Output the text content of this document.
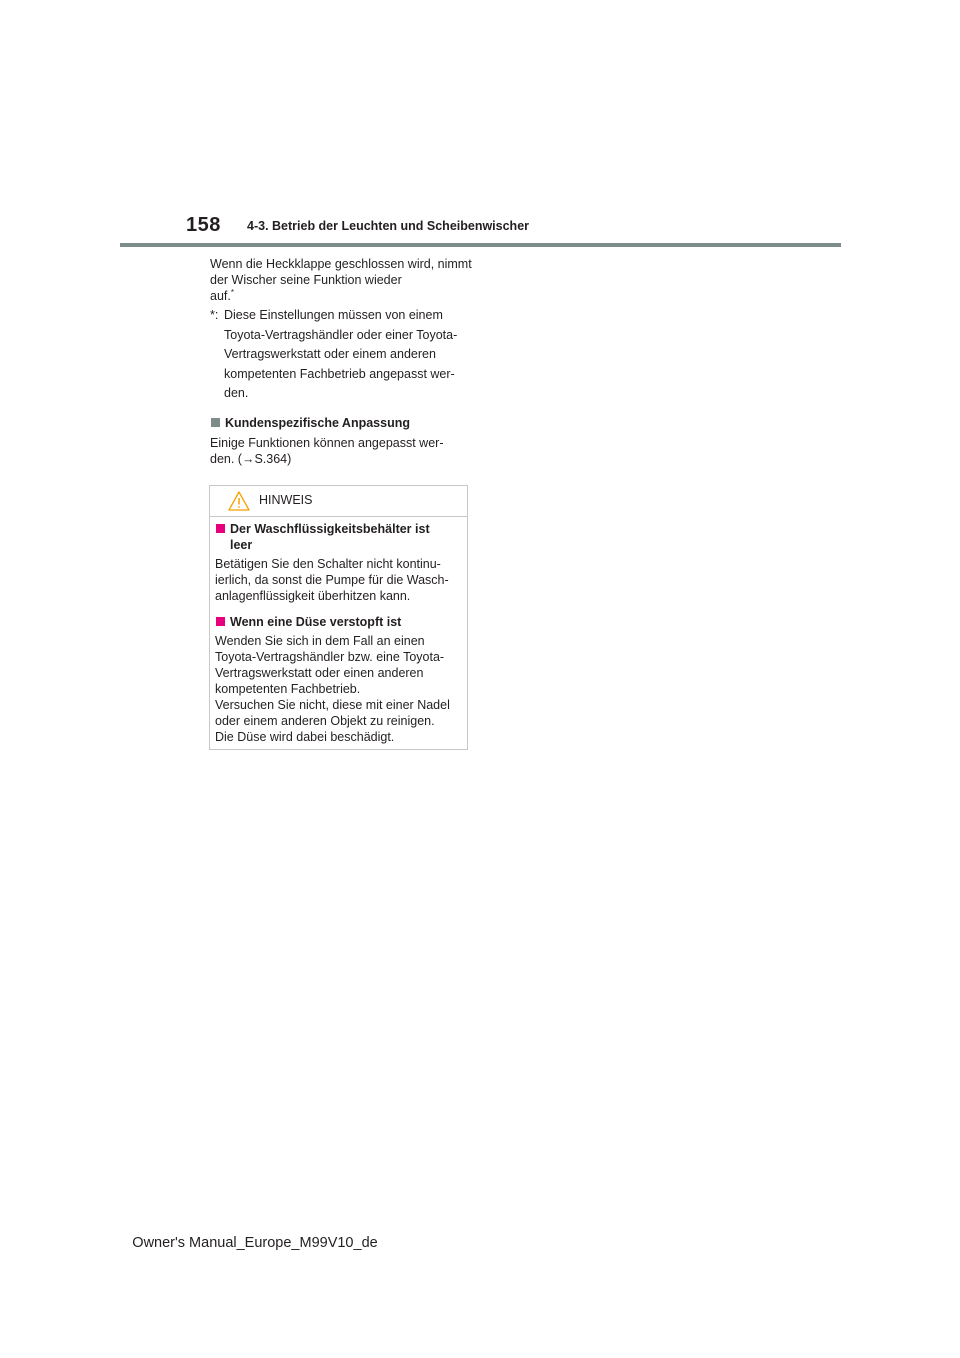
158 4-3. Betrieb der Leuchten und Scheibenwischer

Wenn die Heckklappe geschlossen wird, nimmt der Wischer seine Funktion wieder
auf.*

*: Diese Einstellungen müssen von einem
Toyota-Vertragshändler oder einer Toyota-
Vertragswerkstatt oder einem anderen
kompetenten Fachbetrieb angepasst wer-
den.
Kundenspezifische Anpassung
Einige Funktionen können angepasst wer-
den. (→S.364)
HINWEIS
Der Waschflüssigkeitsbehälter ist
leer
Betätigen Sie den Schalter nicht kontinu-
ierlich, da sonst die Pumpe für die Wasch-
anlagenflüssigkeit überhitzen kann.
Wenn eine Düse verstopft ist
Wenden Sie sich in dem Fall an einen
Toyota-Vertragshändler bzw. eine Toyota-
Vertragswerkstatt oder einen anderen
kompetenten Fachbetrieb.
Versuchen Sie nicht, diese mit einer Nadel
oder einem anderen Objekt zu reinigen.
Die Düse wird dabei beschädigt.
Owner's Manual_Europe_M99V10_de
